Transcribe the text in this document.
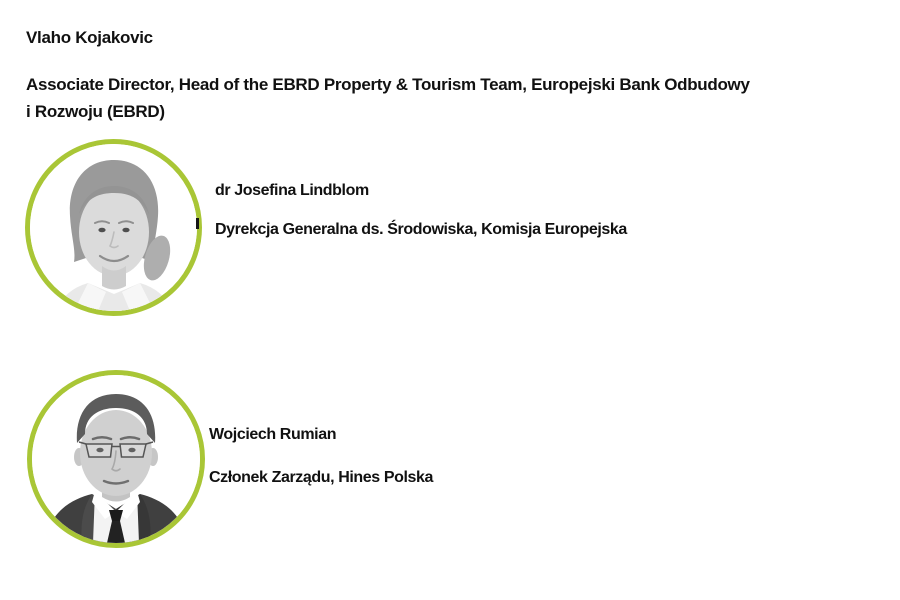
Vlaho Kojakovic
Associate Director, Head of the EBRD Property & Tourism Team, Europejski Bank Odbudowy
i Rozwoju (EBRD)
dr Josefina Lindblom
Dyrekcja Generalna ds. Środowiska, Komisja Europejska
Wojciech Rumian
Członek Zarządu, Hines Polska
